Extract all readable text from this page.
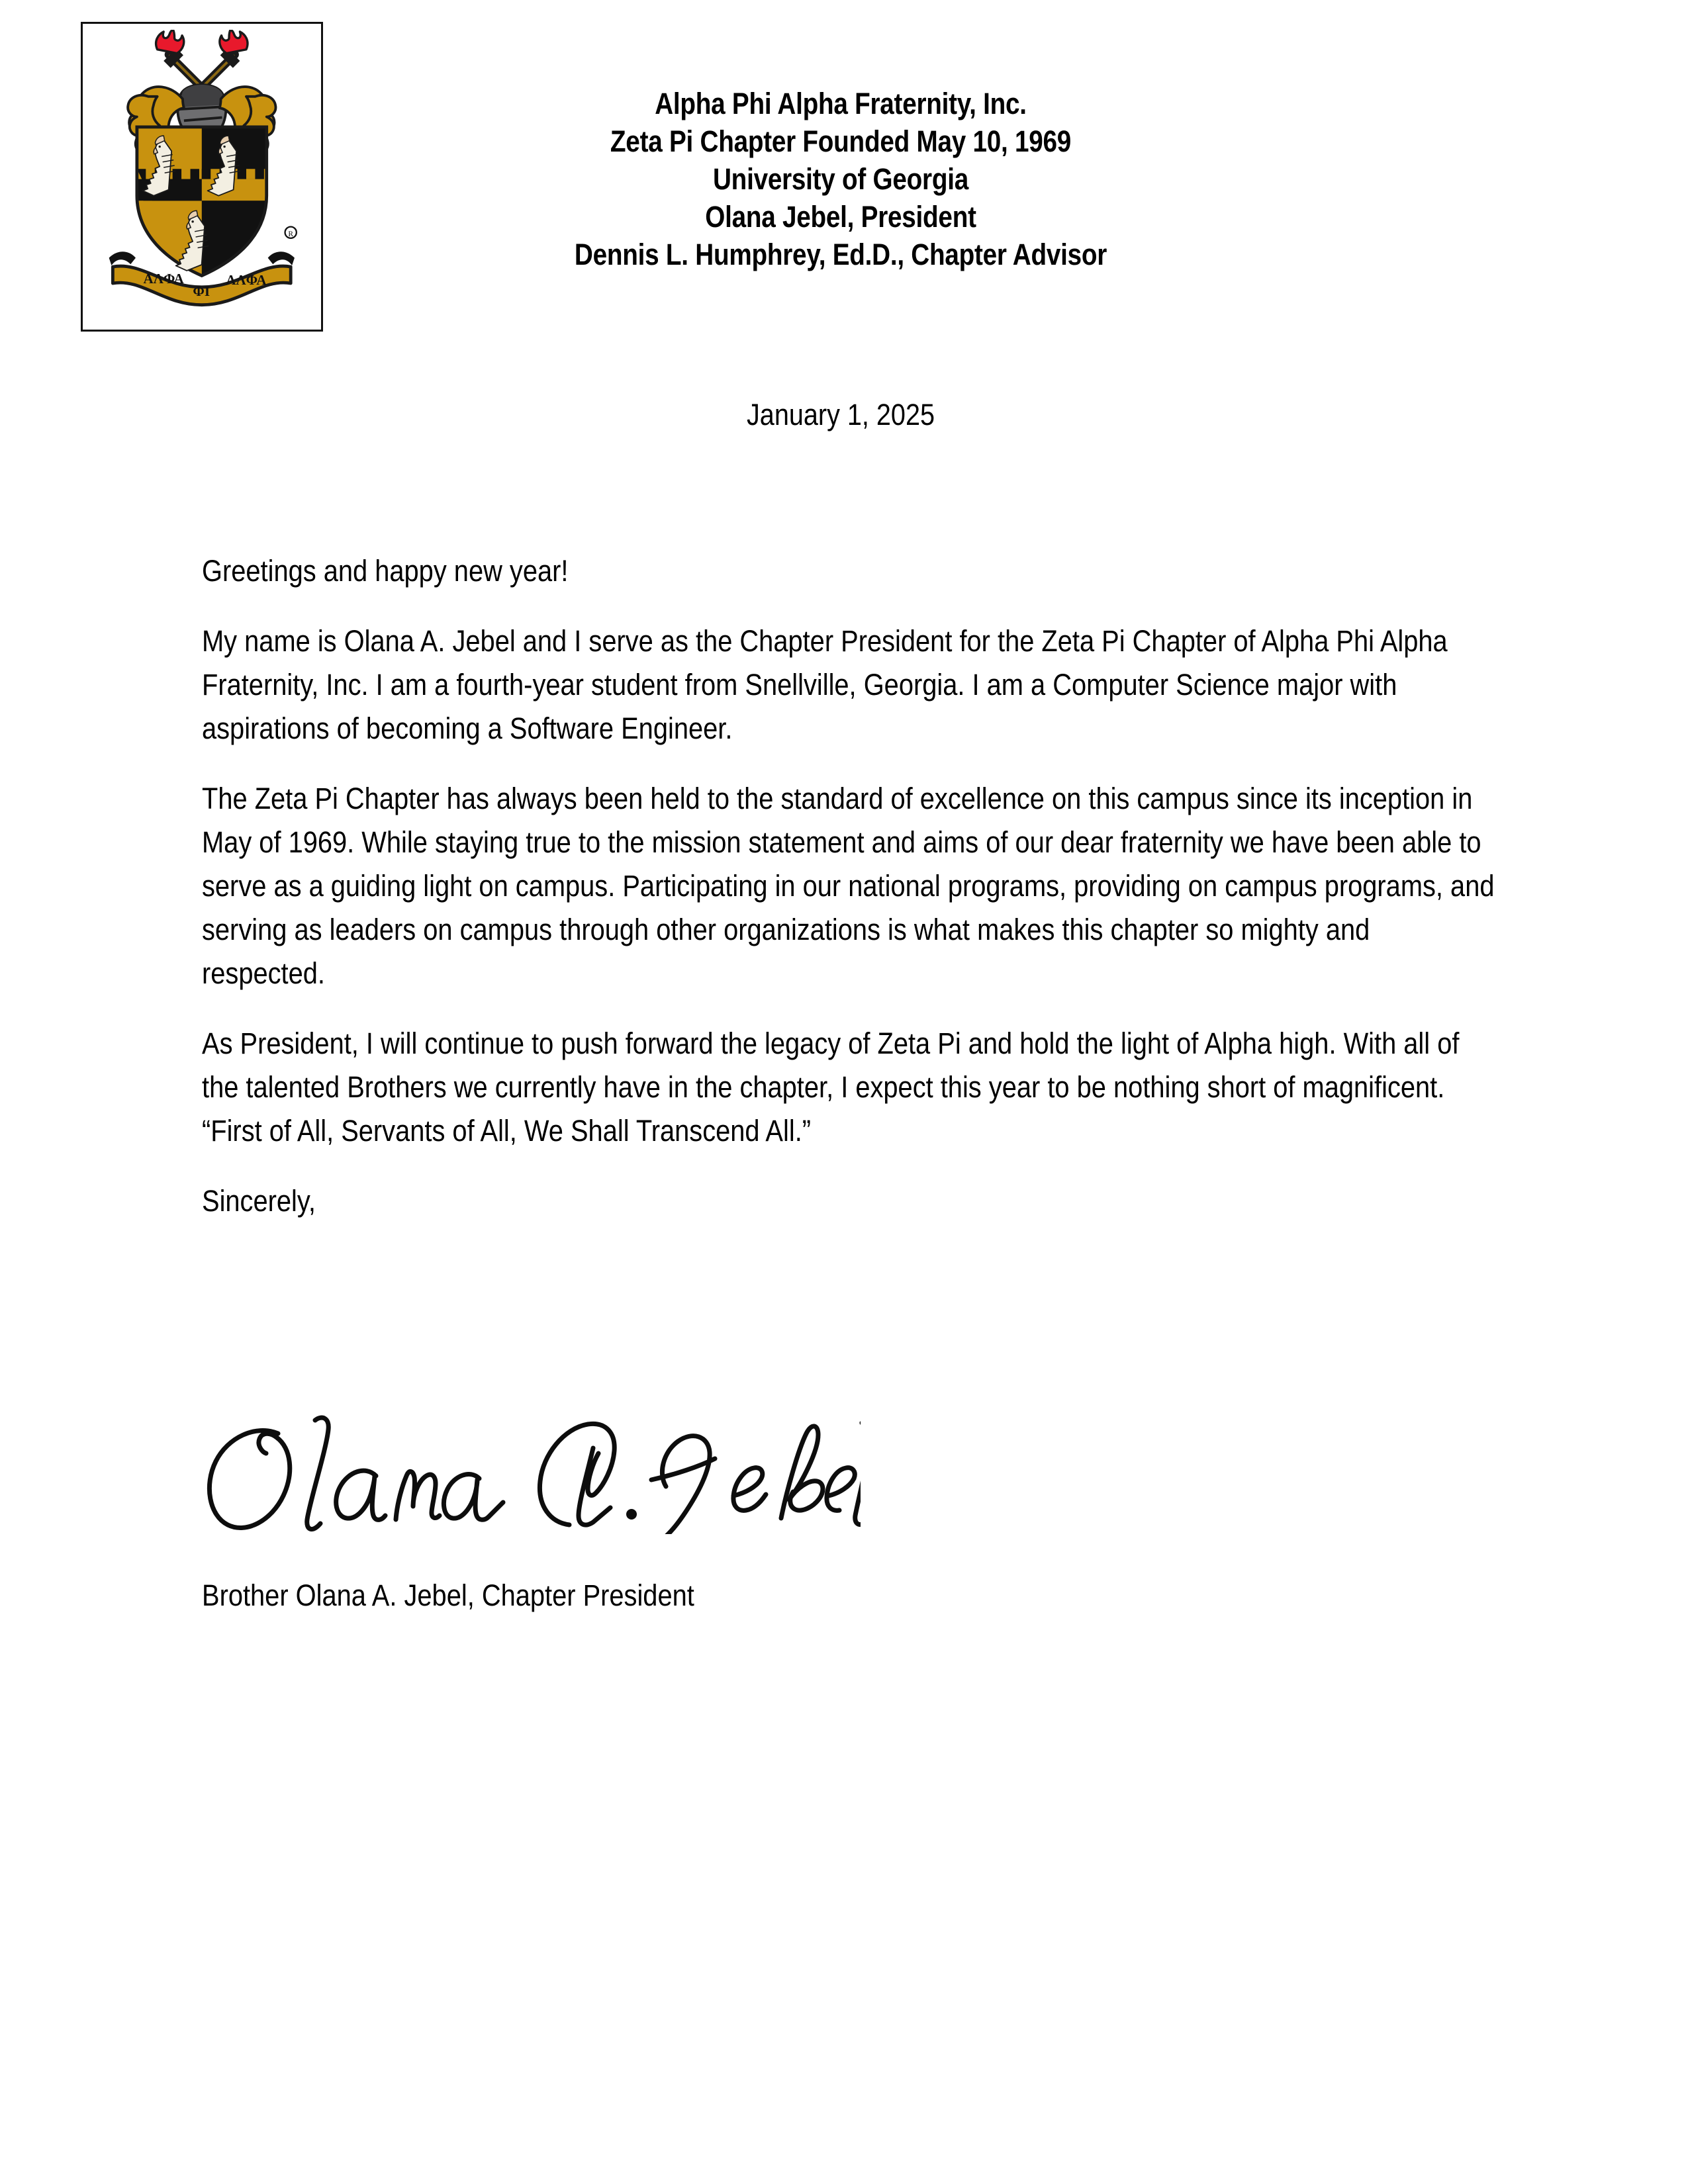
ΑΛΦΑ
ΦΙ
ΑΛΦΑ
R
Alpha Phi Alpha Fraternity, Inc.
Zeta Pi Chapter Founded May 10, 1969
University of Georgia
Olana Jebel, President
Dennis L. Humphrey, Ed.D., Chapter Advisor
January 1, 2025

Greetings and happy new year!

My name is Olana A. Jebel and I serve as the Chapter President for the Zeta Pi Chapter of Alpha Phi Alpha Fraternity, Inc. I am a fourth-year student from Snellville, Georgia. I am a Computer Science major with aspirations of becoming a Software Engineer.

The Zeta Pi Chapter has always been held to the standard of excellence on this campus since its inception in May of 1969. While staying true to the mission statement and aims of our dear fraternity we have been able to serve as a guiding light on campus. Participating in our national programs, providing on campus programs, and serving as leaders on campus through other organizations is what makes this chapter so mighty and respected.

As President, I will continue to push forward the legacy of Zeta Pi and hold the light of Alpha high. With all of the talented Brothers we currently have in the chapter, I expect this year to be nothing short of magnificent. “First of All, Servants of All, We Shall Transcend All.”

Sincerely,

Brother Olana A. Jebel, Chapter President
